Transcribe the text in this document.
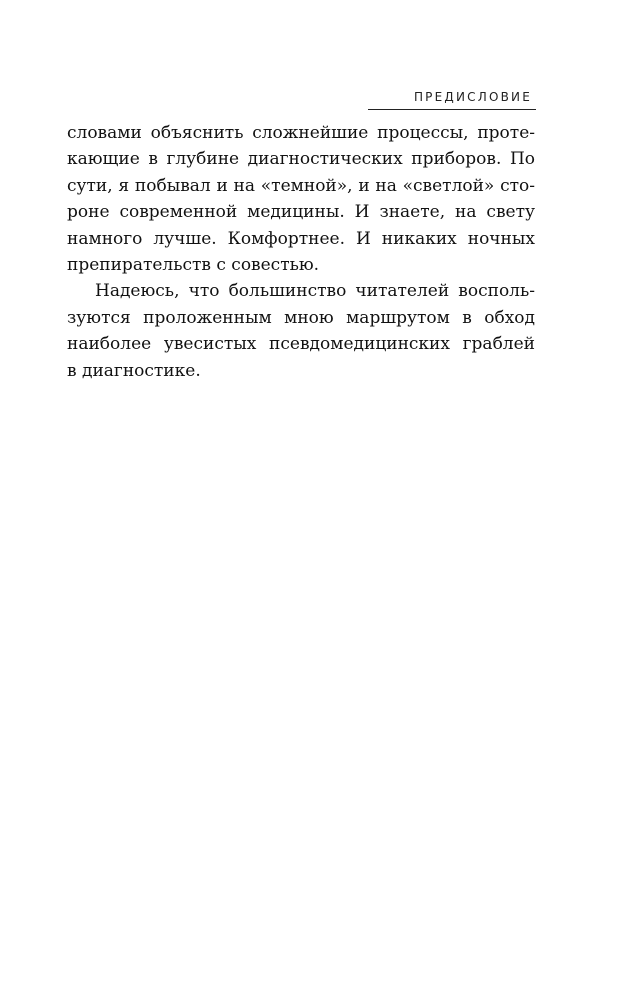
ПРЕДИСЛОВИЕ

словами объяснить сложнейшие процессы, проте-
кающие в глубине диагностических приборов. По
сути, я побывал и на «темной», и на «светлой» сто-
роне современной медицины. И знаете, на свету
намного лучше. Комфортнее. И никаких ночных
препирательств с совестью.

Надеюсь, что большинство читателей восполь-
зуются проложенным мною маршрутом в обход
наиболее увесистых псевдомедицинских граблей
в диагностике.
